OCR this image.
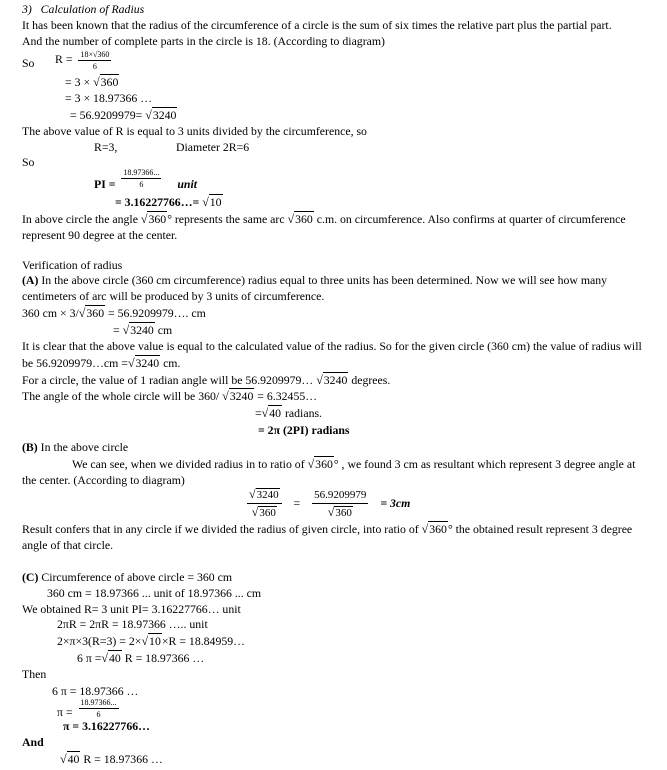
3)   Calculation of Radius
It has been known that the radius of the circumference of a circle is the sum of six times the relative part plus the partial part.
And the number of complete parts in the circle is 18. (According to diagram)
So $R = \frac{18\times√360}{6}$
= 3 × √360
= 3 × 18.97366 …
= 56.9209979= √3240
The above value of R is equal to 3 units divided by the circumference, so
R=3,	Diameter 2R=6
So
PI = $\frac{18.97366...}{6}$ unit
= 3.16227766…= √10
In above circle the angle √360° represents the same arc √360 c.m. on circumference. Also confirms at quarter of circumference
represent 90 degree at the center.
Verification of radius
(A) In the above circle (360 cm circumference) radius equal to three units has been determined. Now we will see how many
centimeters of arc will be produced by 3 units of circumference.
360 cm × 3/√360 = 56.9209979…. cm
= √3240 cm
It is clear that the above value is equal to the calculated value of the radius. So for the given circle (360 cm) the value of radius will
be 56.9209979…cm =√3240 cm.
For a circle, the value of 1 radian angle will be 56.9209979… √3240 degrees.
The angle of the whole circle will be 360/ √3240 = 6.32455…
=√40 radians.
= 2π (2PI) radians
(B) In the above circle
We can see, when we divided radius in to ratio of √360° , we found 3 cm as resultant which represent 3 degree angle at
the center. (According to diagram)
$\frac{√3240}{√360} = \frac{56.9209979}{√360} = 3cm$
Result confers that in any circle if we divided the radius of given circle, into ratio of √360° the obtained result represent 3 degree
angle of that circle.
(C) Circumference of above circle = 360 cm
360 cm = 18.97366 ... unit of 18.97366 ... cm
We obtained R= 3 unit PI= 3.16227766… unit
2πR = 2πR = 18.97366 ….. unit
2×π×3(R=3) = 2×√10×R = 18.84959…
6 π =√40 R = 18.97366 …
Then
6 π = 18.97366 …
$\pi = \frac{18.97366...}{6}$
π = 3.16227766…
And
√40 R = 18.97366 …
